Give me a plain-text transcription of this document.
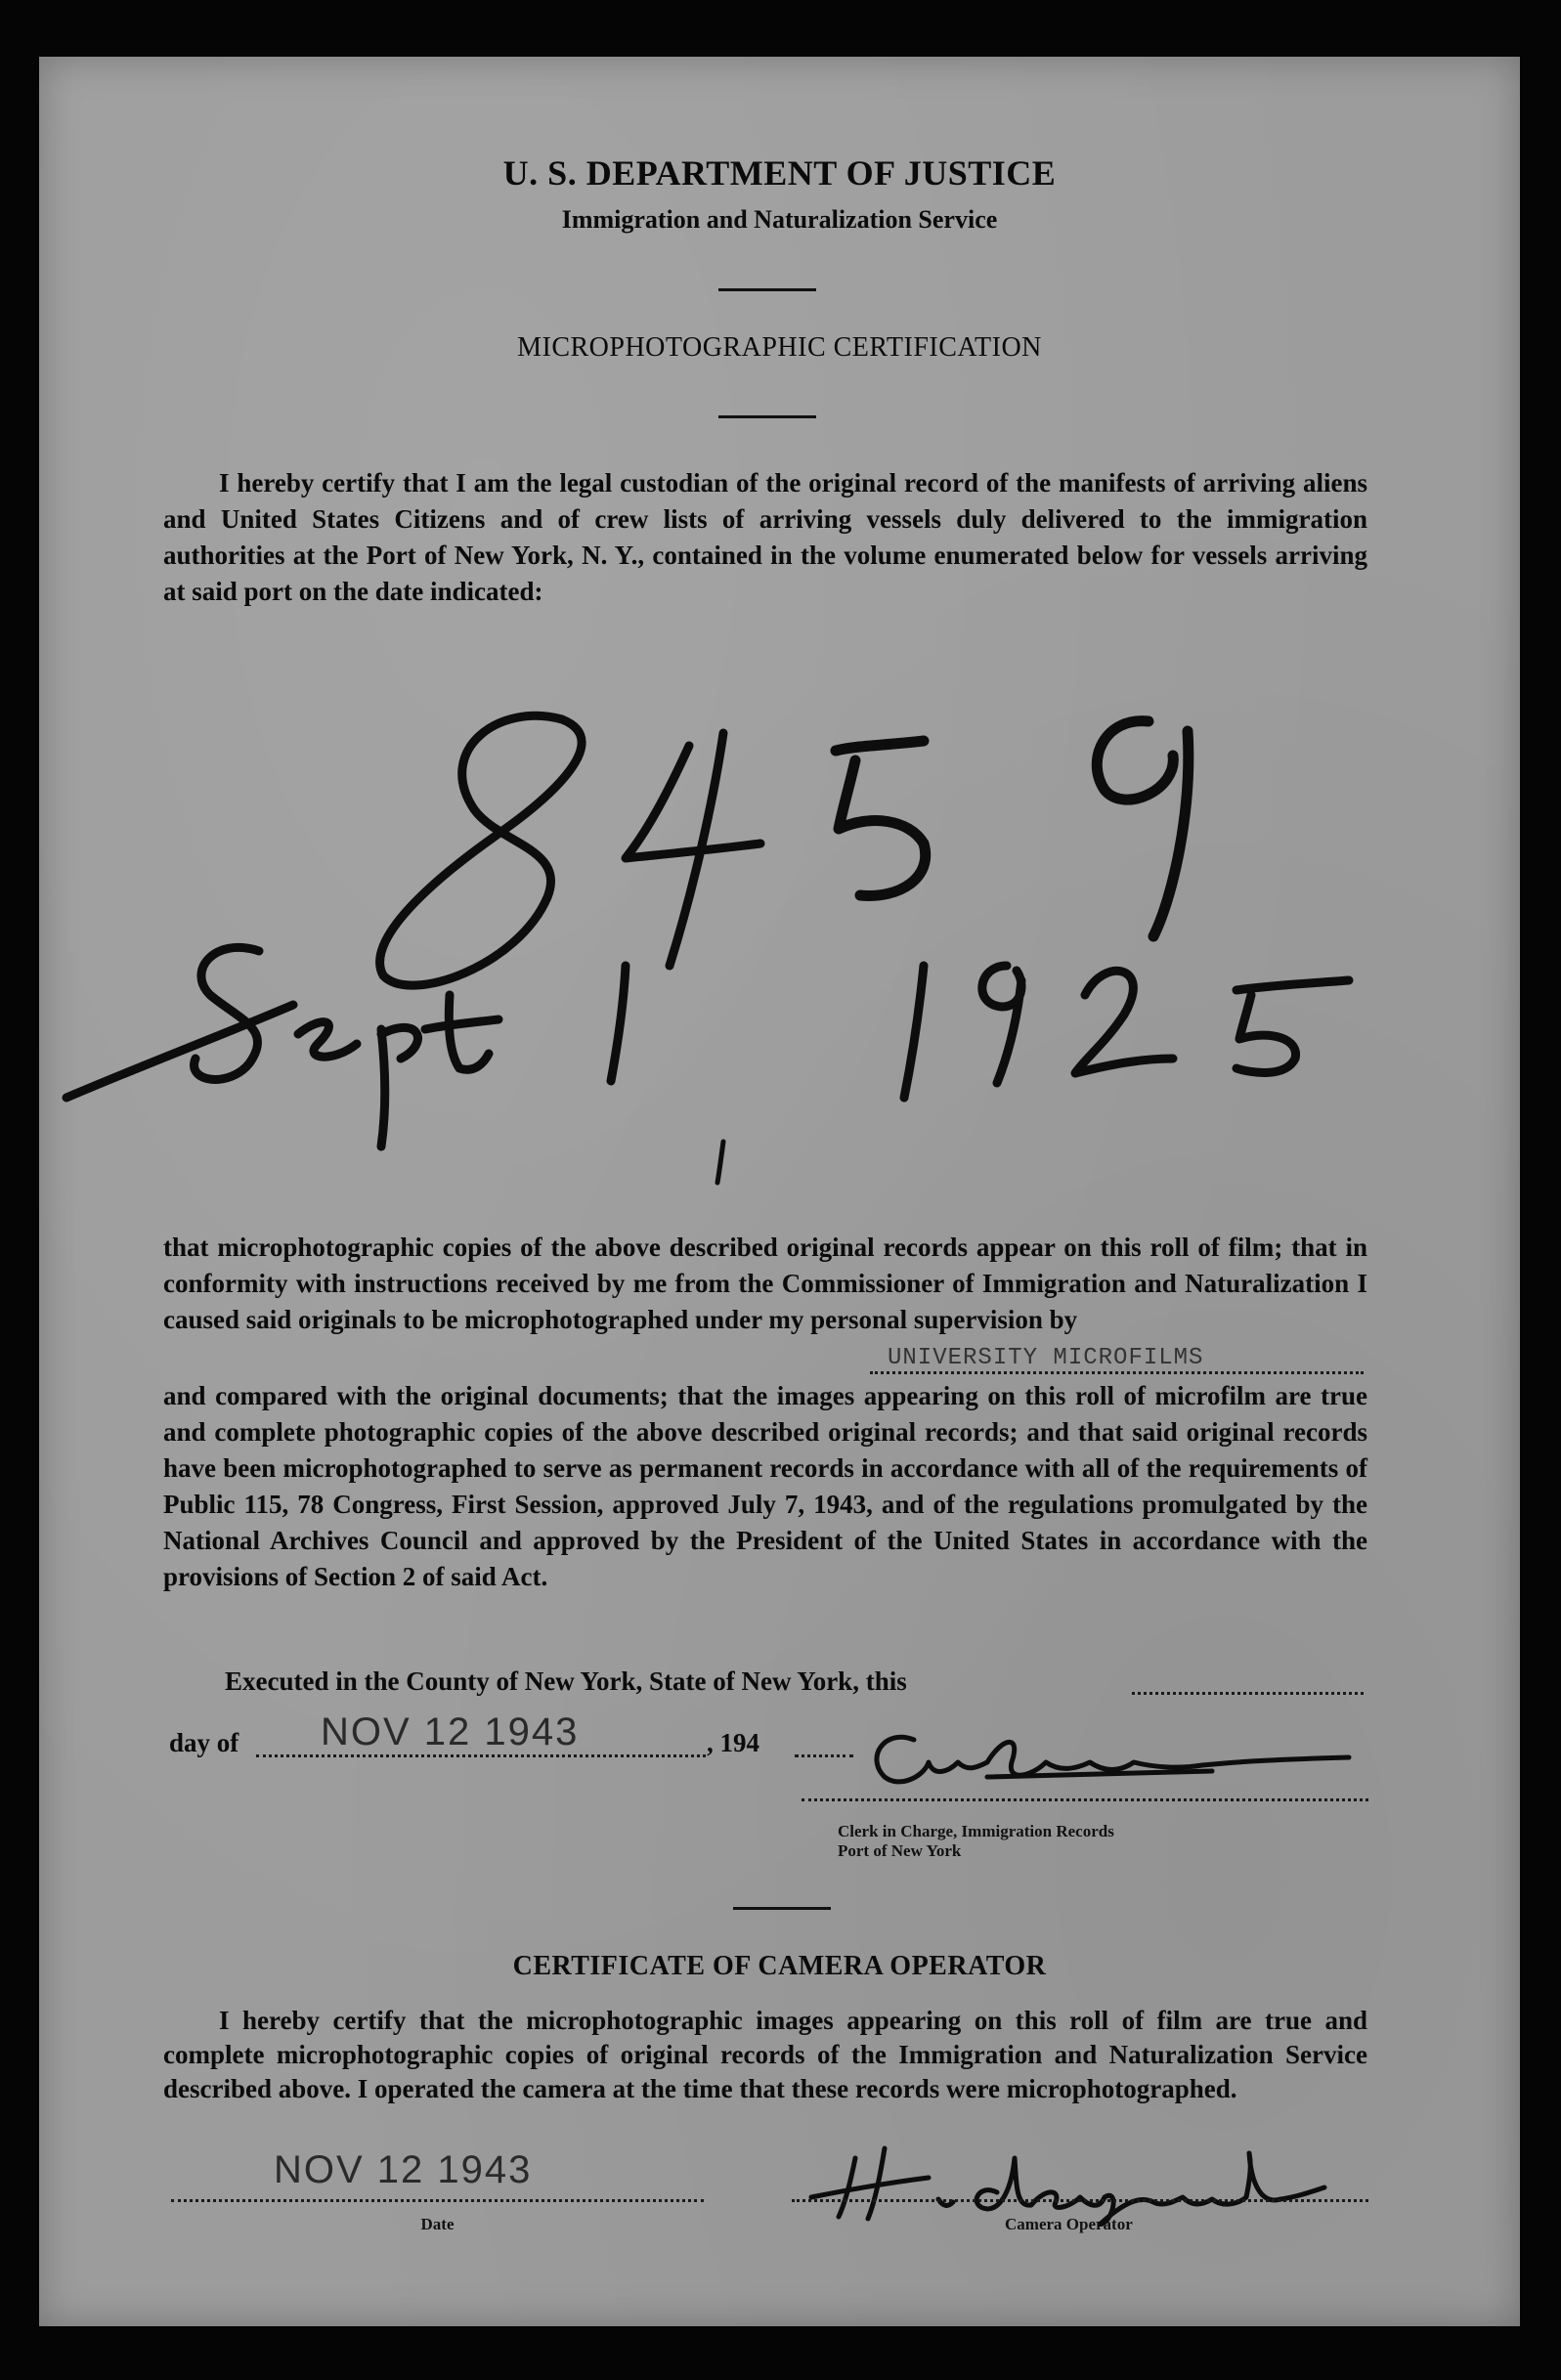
U. S. DEPARTMENT OF JUSTICE
Immigration and Naturalization Service
MICROPHOTOGRAPHIC CERTIFICATION

I hereby certify that I am the legal custodian of the original record of the manifests of arriving aliens and United States Citizens and of crew lists of arriving vessels duly delivered to the immigration authorities at the Port of New York, N. Y., contained in the volume enumerated below for vessels arriving at said port on the date indicated:

that microphotographic copies of the above described original records appear on this roll of film; that in conformity with instructions received by me from the Commissioner of Immigration and Naturalization I caused said originals to be microphotographed under my personal supervision by

UNIVERSITY MICROFILMS

and compared with the original documents; that the images appearing on this roll of microfilm are true and complete photographic copies of the above described original records; and that said original records have been microphotographed to serve as permanent records in accordance with all of the requirements of Public 115, 78 Congress, First Session, approved July 7, 1943, and of the regulations promulgated by the National Archives Council and approved by the President of the United States in accordance with the provisions of Section 2 of said Act.

Executed in the County of New York, State of New York, this
day of NOV 12 1943	, 194
Clerk in Charge, Immigration Records
Port of New York
CERTIFICATE OF CAMERA OPERATOR

I hereby certify that the microphotographic images appearing on this roll of film are true and complete microphotographic copies of original records of the Immigration and Naturalization Service described above. I operated the camera at the time that these records were microphotographed.

NOV 12 1943
Date	Camera Operator
